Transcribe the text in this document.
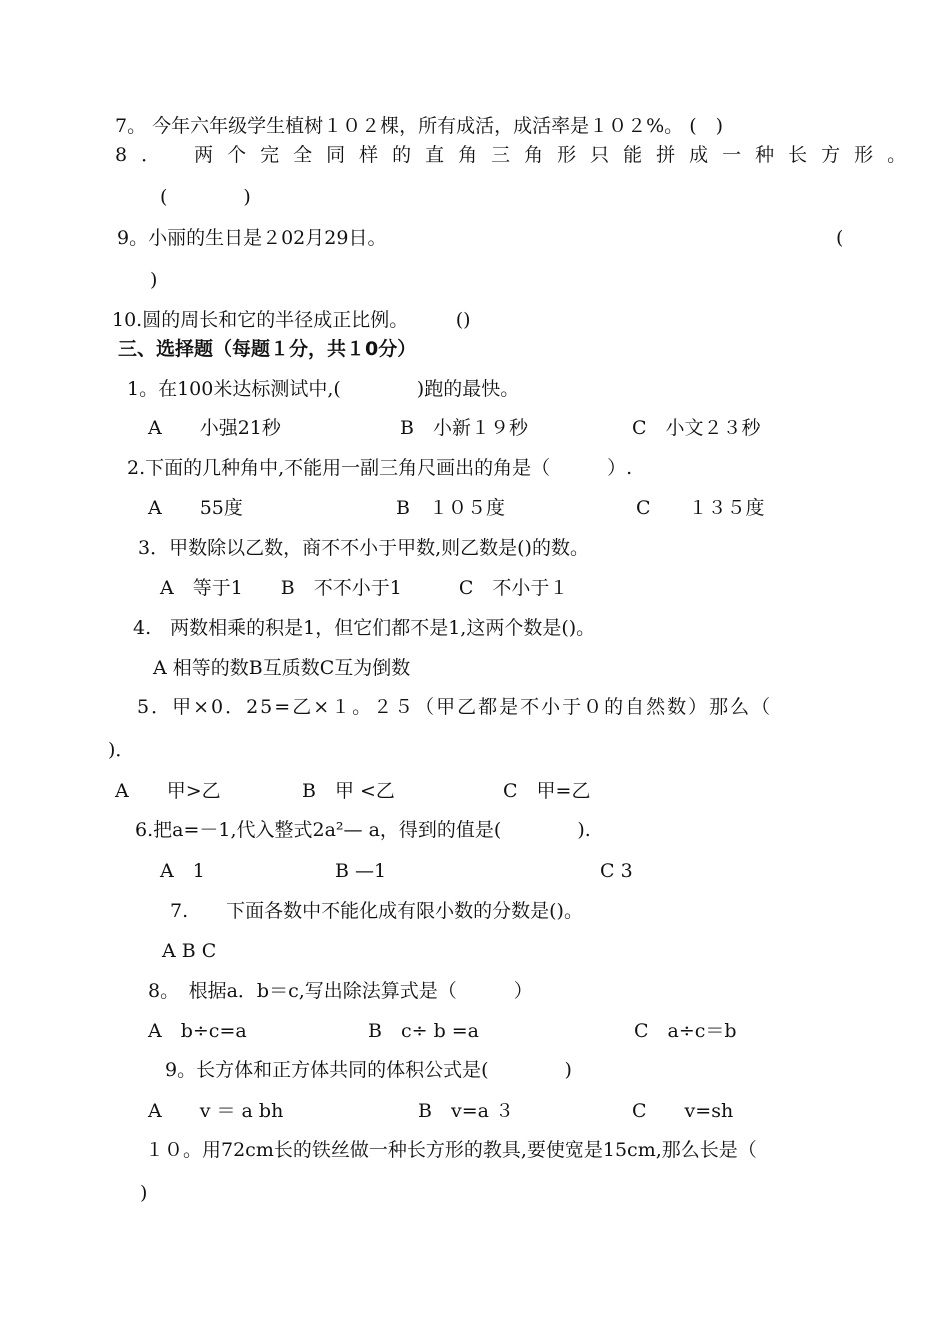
7。 今年六年级学生植树１０２棵，所有成活，成活率是１０２%。 (　)
8． 两个完全同样的直角三角形只能拼成一种长方形。
(　　　　)
9。小丽的生日是２02月29日。	(
)
10.圆的周长和它的半径成正比例。　　　()
三、选择题（每题１分，共１0分）
1。在100米达标测试中,(　　　　)跑的最快。
A　　小强21秒	B　小新１９秒	C　小文２３秒
2.下面的几种角中,不能用一副三角尺画出的角是（　　　）.
A　　55度	B　１０５度	C　　１３５度
3．甲数除以乙数，商不不小于甲数,则乙数是()的数。
A　等于1　　B　不不小于1　　　C　不小于１
4.　两数相乘的积是1，但它们都不是1,这两个数是()。
A 相等的数B互质数C互为倒数
5．甲×0．25=乙×１。２５（甲乙都是不小于０的自然数）那么（
)．
A　　甲>乙	B　甲 <乙	C　甲=乙
6.把a=－1,代入整式2a²— a，得到的值是(　　　　).
A　1	B —1	C 3
7.　　下面各数中不能化成有限小数的分数是()。
A B C
8。　根据a．b＝c,写出除法算式是（　　　）
A　b÷c=a	B　c÷ b =a	C　a÷c＝b
9。长方体和正方体共同的体积公式是(　　　　)
A　　v ＝ a bh	B　v=a ３	C　　v=sh
１０。用72cm长的铁丝做一种长方形的教具,要使宽是15cm,那么长是（
)
